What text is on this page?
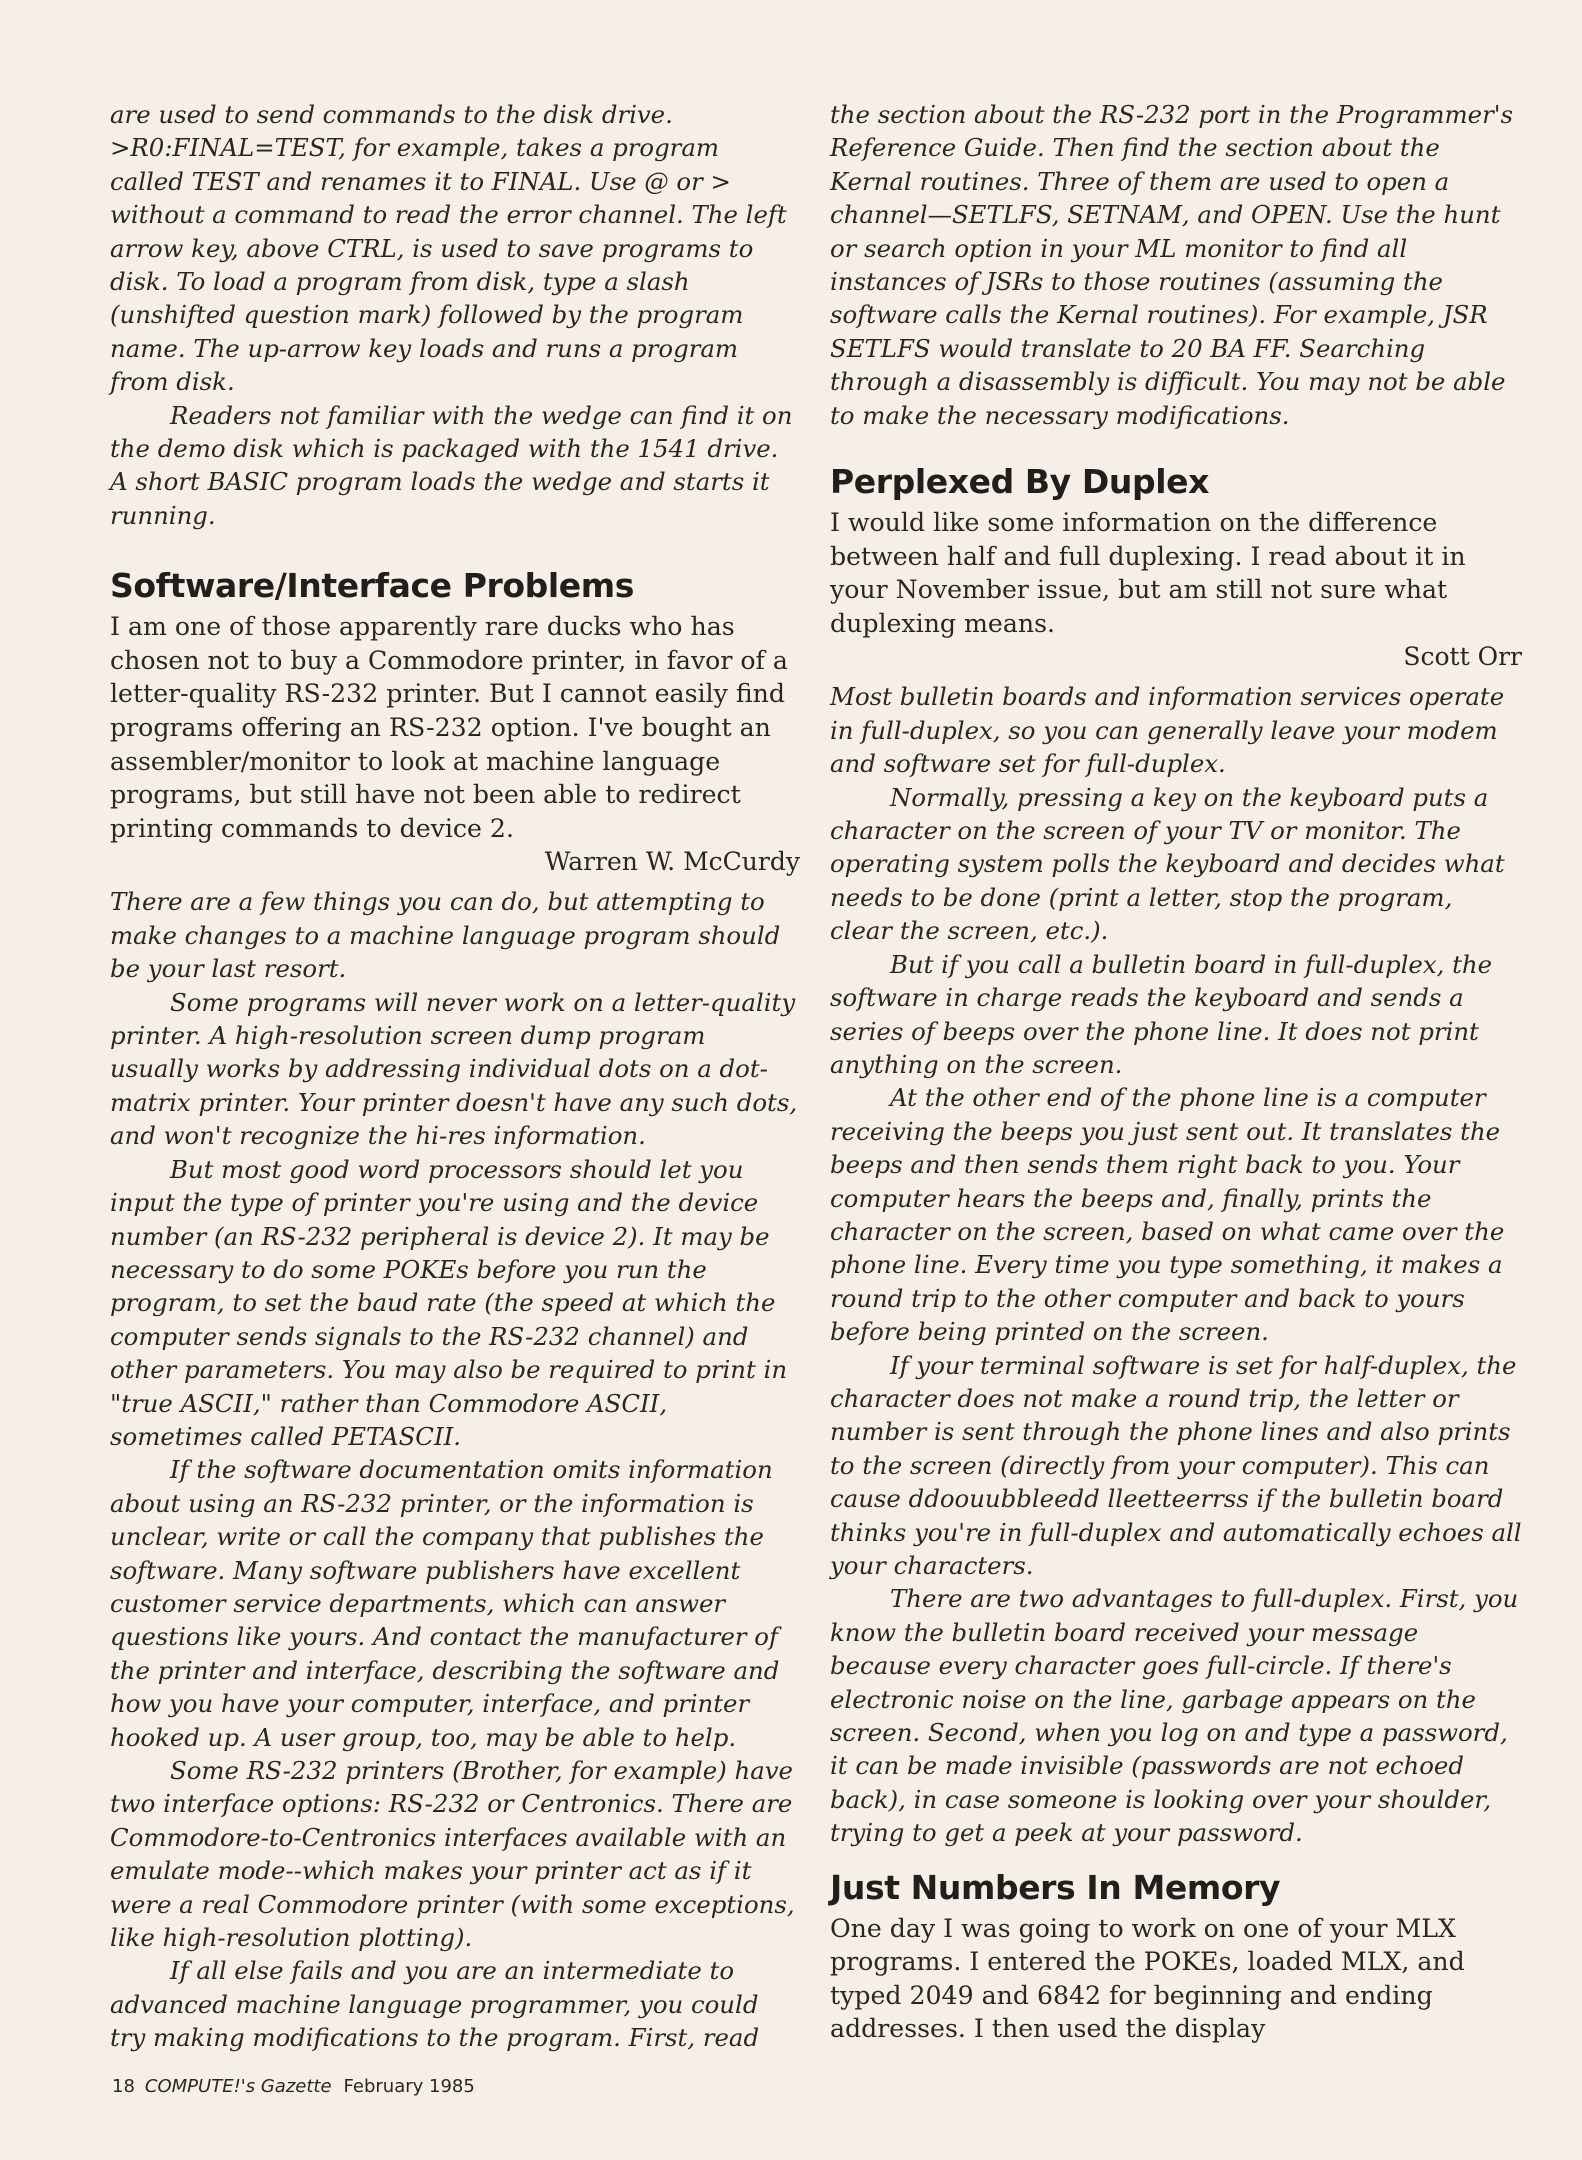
are used to send commands to the disk drive. >R0:FINAL=TEST, for example, takes a program called TEST and renames it to FINAL. Use @ or > without a command to read the error channel. The left arrow key, above CTRL, is used to save programs to disk. To load a program from disk, type a slash (unshifted question mark) followed by the program name. The up-arrow key loads and runs a program from disk.

Readers not familiar with the wedge can find it on the demo disk which is packaged with the 1541 drive. A short BASIC program loads the wedge and starts it running.

Software/Interface Problems

I am one of those apparently rare ducks who has chosen not to buy a Commodore printer, in favor of a letter-quality RS-232 printer. But I cannot easily find programs offering an RS-232 option. I've bought an assembler/monitor to look at machine language programs, but still have not been able to redirect printing commands to device 2.

Warren W. McCurdy

There are a few things you can do, but attempting to make changes to a machine language program should be your last resort.

Some programs will never work on a letter-quality printer. A high-resolution screen dump program usually works by addressing individual dots on a dot-matrix printer. Your printer doesn't have any such dots, and won't recognize the hi-res information.

But most good word processors should let you input the type of printer you're using and the device number (an RS-232 peripheral is device 2). It may be necessary to do some POKEs before you run the program, to set the baud rate (the speed at which the computer sends signals to the RS-232 channel) and other parameters. You may also be required to print in "true ASCII," rather than Commodore ASCII, sometimes called PETASCII.

If the software documentation omits information about using an RS-232 printer, or the information is unclear, write or call the company that publishes the software. Many software publishers have excellent customer service departments, which can answer questions like yours. And contact the manufacturer of the printer and interface, describing the software and how you have your computer, interface, and printer hooked up. A user group, too, may be able to help.

Some RS-232 printers (Brother, for example) have two interface options: RS-232 or Centronics. There are Commodore-to-Centronics interfaces available with an emulate mode--which makes your printer act as if it were a real Commodore printer (with some exceptions, like high-resolution plotting).

If all else fails and you are an intermediate to advanced machine language programmer, you could try making modifications to the program. First, read

the section about the RS-232 port in the Programmer's Reference Guide. Then find the section about the Kernal routines. Three of them are used to open a channel—SETLFS, SETNAM, and OPEN. Use the hunt or search option in your ML monitor to find all instances of JSRs to those routines (assuming the software calls the Kernal routines). For example, JSR SETLFS would translate to 20 BA FF. Searching through a disassembly is difficult. You may not be able to make the necessary modifications.

Perplexed By Duplex

I would like some information on the difference between half and full duplexing. I read about it in your November issue, but am still not sure what duplexing means.

Scott Orr

Most bulletin boards and information services operate in full-duplex, so you can generally leave your modem and software set for full-duplex.

Normally, pressing a key on the keyboard puts a character on the screen of your TV or monitor. The operating system polls the keyboard and decides what needs to be done (print a letter, stop the program, clear the screen, etc.).

But if you call a bulletin board in full-duplex, the software in charge reads the keyboard and sends a series of beeps over the phone line. It does not print anything on the screen.

At the other end of the phone line is a computer receiving the beeps you just sent out. It translates the beeps and then sends them right back to you. Your computer hears the beeps and, finally, prints the character on the screen, based on what came over the phone line. Every time you type something, it makes a round trip to the other computer and back to yours before being printed on the screen.

If your terminal software is set for half-duplex, the character does not make a round trip, the letter or number is sent through the phone lines and also prints to the screen (directly from your computer). This can cause ddoouubbleedd lleetteerrss if the bulletin board thinks you're in full-duplex and automatically echoes all your characters.

There are two advantages to full-duplex. First, you know the bulletin board received your message because every character goes full-circle. If there's electronic noise on the line, garbage appears on the screen. Second, when you log on and type a password, it can be made invisible (passwords are not echoed back), in case someone is looking over your shoulder, trying to get a peek at your password.

Just Numbers In Memory

One day I was going to work on one of your MLX programs. I entered the POKEs, loaded MLX, and typed 2049 and 6842 for beginning and ending addresses. I then used the display

18 COMPUTE!'s Gazette February 1985
